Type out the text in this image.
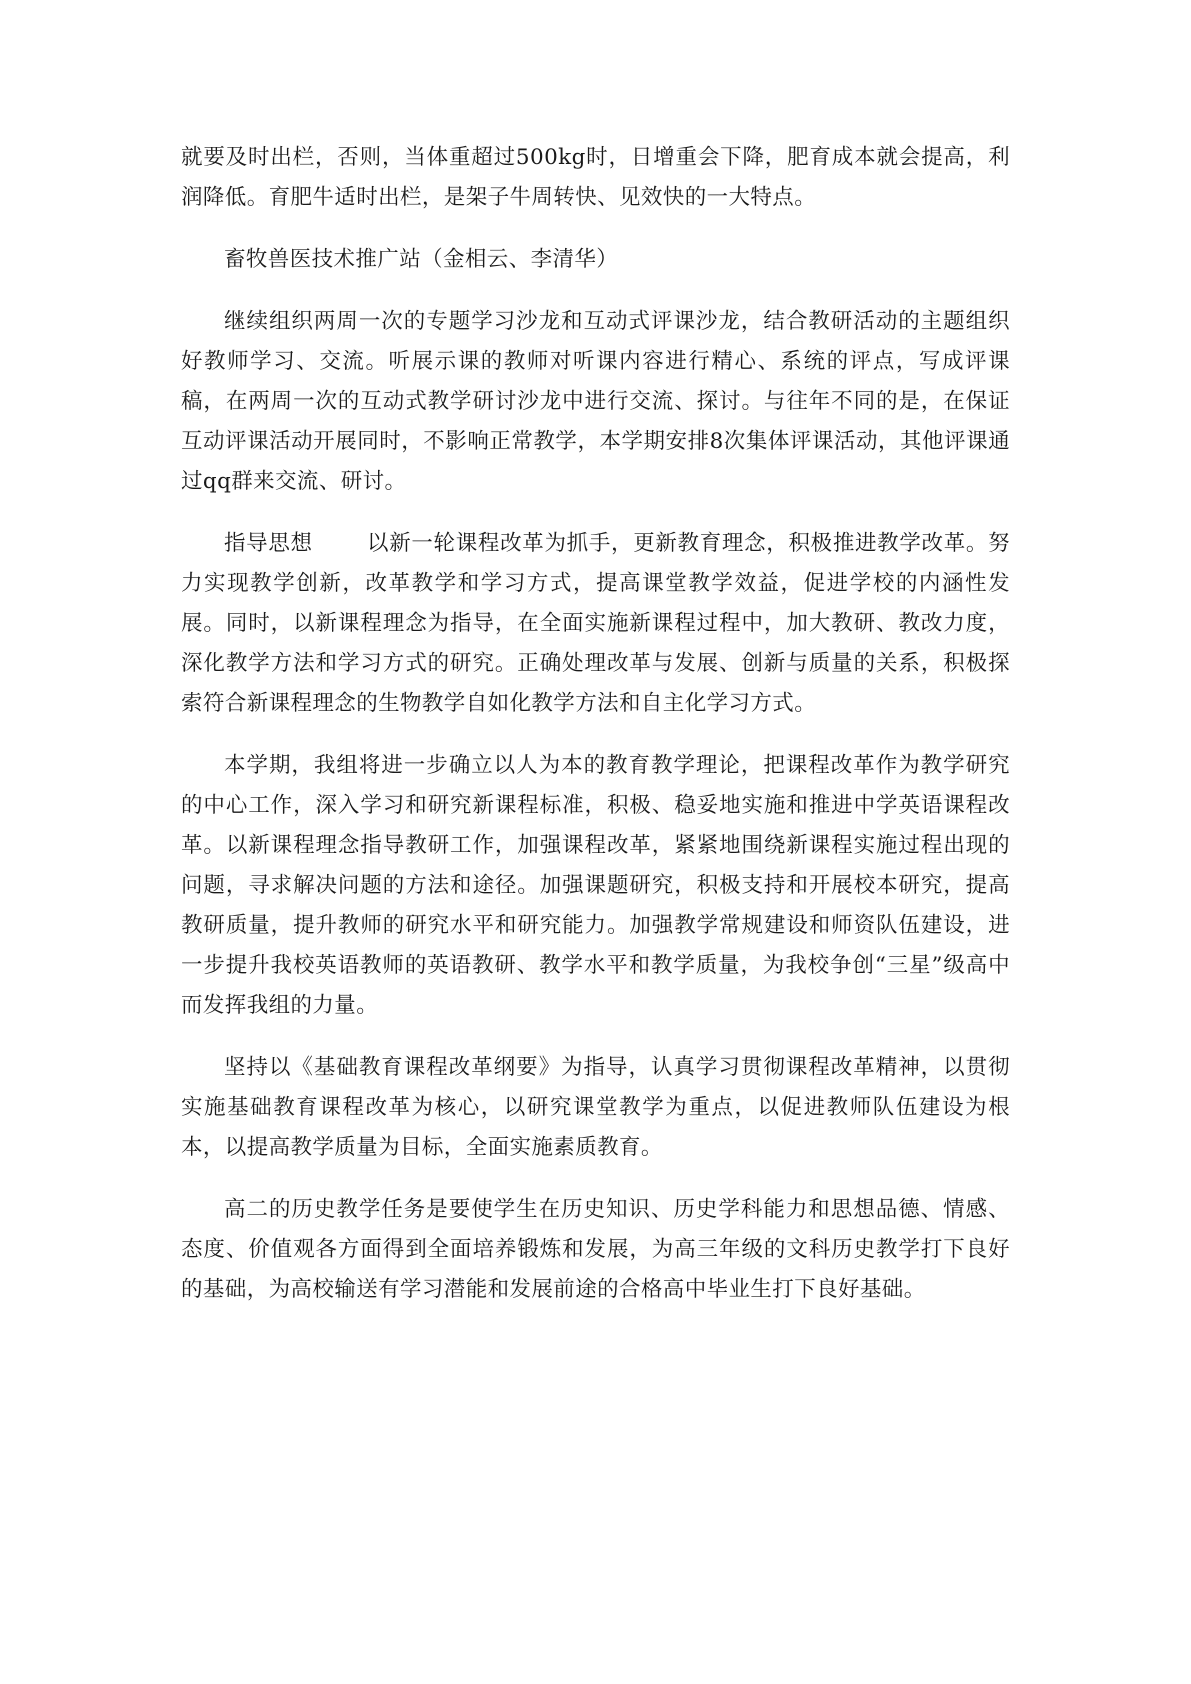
就要及时出栏，否则，当体重超过500kg时，日增重会下降，肥育成本就会提高，利润降低。育肥牛适时出栏，是架子牛周转快、见效快的一大特点。

畜牧兽医技术推广站（金相云、李清华）

继续组织两周一次的专题学习沙龙和互动式评课沙龙，结合教研活动的主题组织好教师学习、交流。听展示课的教师对听课内容进行精心、系统的评点，写成评课稿，在两周一次的互动式教学研讨沙龙中进行交流、探讨。与往年不同的是，在保证互动评课活动开展同时，不影响正常教学，本学期安排8次集体评课活动，其他评课通过qq群来交流、研讨。

指导思想	以新一轮课程改革为抓手，更新教育理念，积极推进教学改革。努力实现教学创新，改革教学和学习方式，提高课堂教学效益，促进学校的内涵性发展。同时，以新课程理念为指导，在全面实施新课程过程中，加大教研、教改力度，深化教学方法和学习方式的研究。正确处理改革与发展、创新与质量的关系，积极探索符合新课程理念的生物教学自如化教学方法和自主化学习方式。

本学期，我组将进一步确立以人为本的教育教学理论，把课程改革作为教学研究的中心工作，深入学习和研究新课程标准，积极、稳妥地实施和推进中学英语课程改革。以新课程理念指导教研工作，加强课程改革，紧紧地围绕新课程实施过程出现的问题，寻求解决问题的方法和途径。加强课题研究，积极支持和开展校本研究，提高教研质量，提升教师的研究水平和研究能力。加强教学常规建设和师资队伍建设，进一步提升我校英语教师的英语教研、教学水平和教学质量，为我校争创“三星”级高中而发挥我组的力量。

坚持以《基础教育课程改革纲要》为指导，认真学习贯彻课程改革精神，以贯彻实施基础教育课程改革为核心，以研究课堂教学为重点，以促进教师队伍建设为根本，以提高教学质量为目标，全面实施素质教育。

高二的历史教学任务是要使学生在历史知识、历史学科能力和思想品德、情感、态度、价值观各方面得到全面培养锻炼和发展，为高三年级的文科历史教学打下良好的基础，为高校输送有学习潜能和发展前途的合格高中毕业生打下良好基础。
